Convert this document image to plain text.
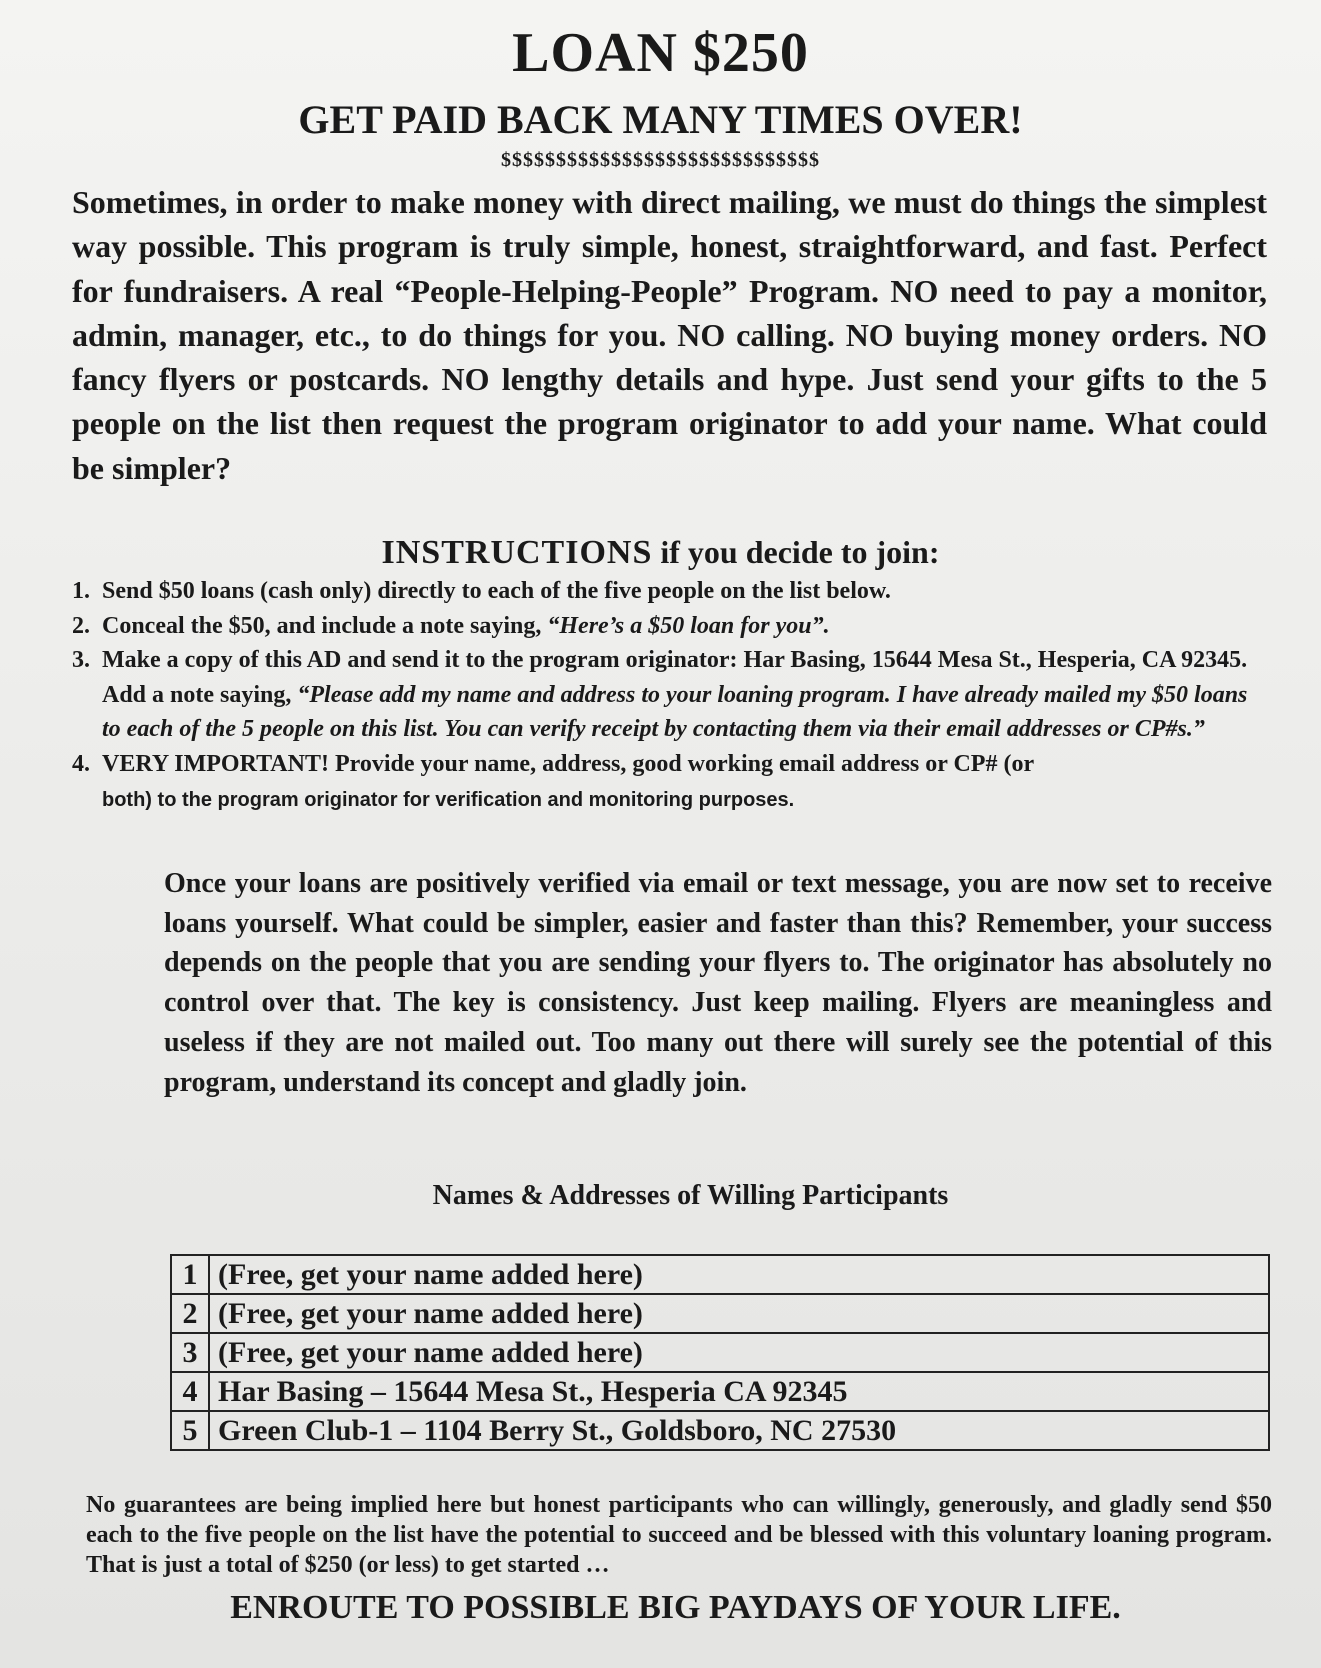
LOAN $250
GET PAID BACK MANY TIMES OVER!
$$$$$$$$$$$$$$$$$$$$$$$$$$$$$

Sometimes, in order to make money with direct mailing, we must do things the simplest way possible. This program is truly simple, honest, straightforward, and fast. Perfect for fundraisers. A real “People-Helping-People” Program. NO need to pay a monitor, admin, manager, etc., to do things for you. NO calling. NO buying money orders. NO fancy flyers or postcards. NO lengthy details and hype. Just send your gifts to the 5 people on the list then request the program originator to add your name. What could be simpler?

INSTRUCTIONS if you decide to join:
1. Send $50 loans (cash only) directly to each of the five people on the list below.
2. Conceal the $50, and include a note saying, “Here’s a $50 loan for you”.
3. Make a copy of this AD and send it to the program originator: Har Basing, 15644 Mesa St., Hesperia, CA 92345. Add a note saying, “Please add my name and address to your loaning program. I have already mailed my $50 loans to each of the 5 people on this list. You can verify receipt by contacting them via their email addresses or CP#s.”
4. VERY IMPORTANT! Provide your name, address, good working email address or CP# (or
both) to the program originator for verification and monitoring purposes.

Once your loans are positively verified via email or text message, you are now set to receive loans yourself. What could be simpler, easier and faster than this? Remember, your success depends on the people that you are sending your flyers to. The originator has absolutely no control over that. The key is consistency. Just keep mailing. Flyers are meaningless and useless if they are not mailed out. Too many out there will surely see the potential of this program, understand its concept and gladly join.

Names & Addresses of Willing Participants
1	(Free, get your name added here)
2	(Free, get your name added here)
3	(Free, get your name added here)
4	Har Basing – 15644 Mesa St., Hesperia CA 92345
5	Green Club-1 – 1104 Berry St., Goldsboro, NC 27530

No guarantees are being implied here but honest participants who can willingly, generously, and gladly send $50 each to the five people on the list have the potential to succeed and be blessed with this voluntary loaning program. That is just a total of $250 (or less) to get started …

ENROUTE TO POSSIBLE BIG PAYDAYS OF YOUR LIFE.
